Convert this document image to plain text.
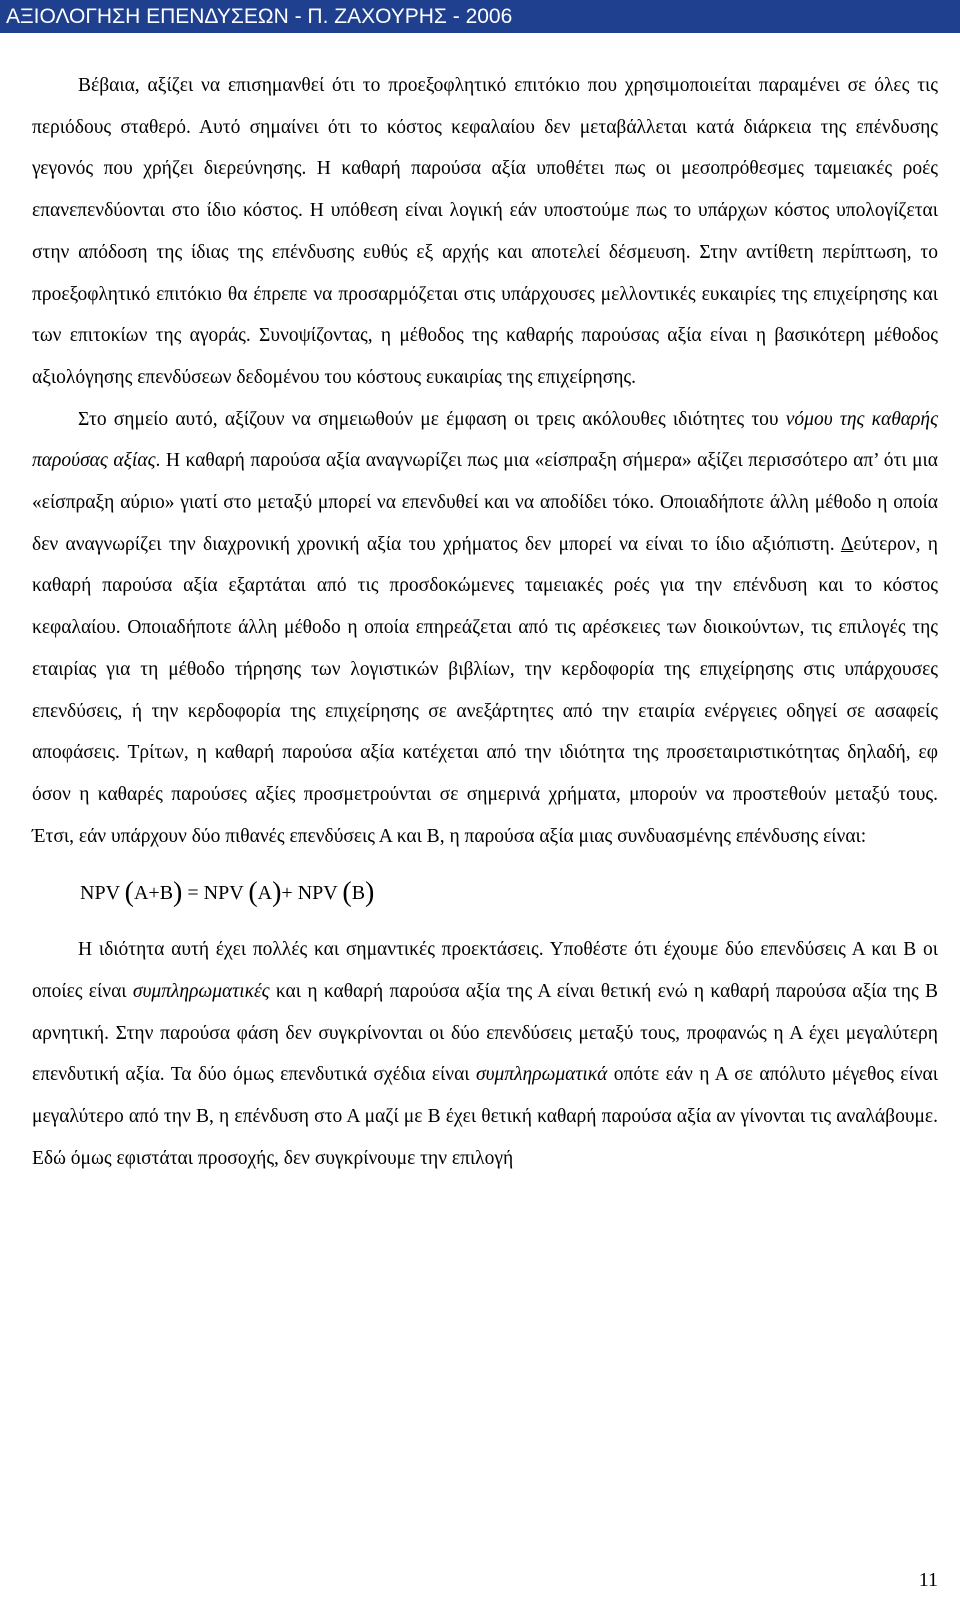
ΑΞΙΟΛΟΓΗΣΗ ΕΠΕΝΔΥΣΕΩΝ - Π. ΖΑΧΟΥΡΗΣ - 2006

Βέβαια, αξίζει να επισημανθεί ότι το προεξοφλητικό επιτόκιο που χρησιμοποιείται παραμένει σε όλες τις περιόδους σταθερό. Αυτό σημαίνει ότι το κόστος κεφαλαίου δεν μεταβάλλεται κατά διάρκεια της επένδυσης γεγονός που χρήζει διερεύνησης. Η καθαρή παρούσα αξία υποθέτει πως οι μεσοπρόθεσμες ταμειακές ροές επανεπενδύονται στο ίδιο κόστος. Η υπόθεση είναι λογική εάν υποστούμε πως το υπάρχων κόστος υπολογίζεται στην απόδοση της ίδιας της επένδυσης ευθύς εξ αρχής και αποτελεί δέσμευση. Στην αντίθετη περίπτωση, το προεξοφλητικό επιτόκιο θα έπρεπε να προσαρμόζεται στις υπάρχουσες μελλοντικές ευκαιρίες της επιχείρησης και των επιτοκίων της αγοράς. Συνοψίζοντας, η μέθοδος της καθαρής παρούσας αξία είναι η βασικότερη μέθοδος αξιολόγησης επενδύσεων δεδομένου του κόστους ευκαιρίας της επιχείρησης.

Στο σημείο αυτό, αξίζουν να σημειωθούν με έμφαση οι τρεις ακόλουθες ιδιότητες του νόμου της καθαρής παρούσας αξίας. Η καθαρή παρούσα αξία αναγνωρίζει πως μια «είσπραξη σήμερα» αξίζει περισσότερο απ’ ότι μια «είσπραξη αύριο» γιατί στο μεταξύ μπορεί να επενδυθεί και να αποδίδει τόκο. Οποιαδήποτε άλλη μέθοδο η οποία δεν αναγνωρίζει την διαχρονική χρονική αξία του χρήματος δεν μπορεί να είναι το ίδιο αξιόπιστη. Δεύτερον, η καθαρή παρούσα αξία εξαρτάται από τις προσδοκώμενες ταμειακές ροές για την επένδυση και το κόστος κεφαλαίου. Οποιαδήποτε άλλη μέθοδο η οποία επηρεάζεται από τις αρέσκειες των διοικούντων, τις επιλογές της εταιρίας για τη μέθοδο τήρησης των λογιστικών βιβλίων, την κερδοφορία της επιχείρησης στις υπάρχουσες επενδύσεις, ή την κερδοφορία της επιχείρησης σε ανεξάρτητες από την εταιρία ενέργειες οδηγεί σε ασαφείς αποφάσεις. Τρίτων, η καθαρή παρούσα αξία κατέχεται από την ιδιότητα της προσεταιριστικότητας δηλαδή, εφ όσον η καθαρές παρούσες αξίες προσμετρούνται σε σημερινά χρήματα, μπορούν να προστεθούν μεταξύ τους. Έτσι, εάν υπάρχουν δύο πιθανές επενδύσεις Α και Β, η παρούσα αξία μιας συνδυασμένης επένδυσης είναι:

NPV (A+B) = NPV (A)+ NPV (B)

Η ιδιότητα αυτή έχει πολλές και σημαντικές προεκτάσεις. Υποθέστε ότι έχουμε δύο επενδύσεις Α και Β οι οποίες είναι συμπληρωματικές και η καθαρή παρούσα αξία της Α είναι θετική ενώ η καθαρή παρούσα αξία της Β αρνητική. Στην παρούσα φάση δεν συγκρίνονται οι δύο επενδύσεις μεταξύ τους, προφανώς η Α έχει μεγαλύτερη επενδυτική αξία. Τα δύο όμως επενδυτικά σχέδια είναι συμπληρωματικά οπότε εάν η Α σε απόλυτο μέγεθος είναι μεγαλύτερο από την Β, η επένδυση στο Α μαζί με Β έχει θετική καθαρή παρούσα αξία αν γίνονται τις αναλάβουμε. Εδώ όμως εφιστάται προσοχής, δεν συγκρίνουμε την επιλογή

11
